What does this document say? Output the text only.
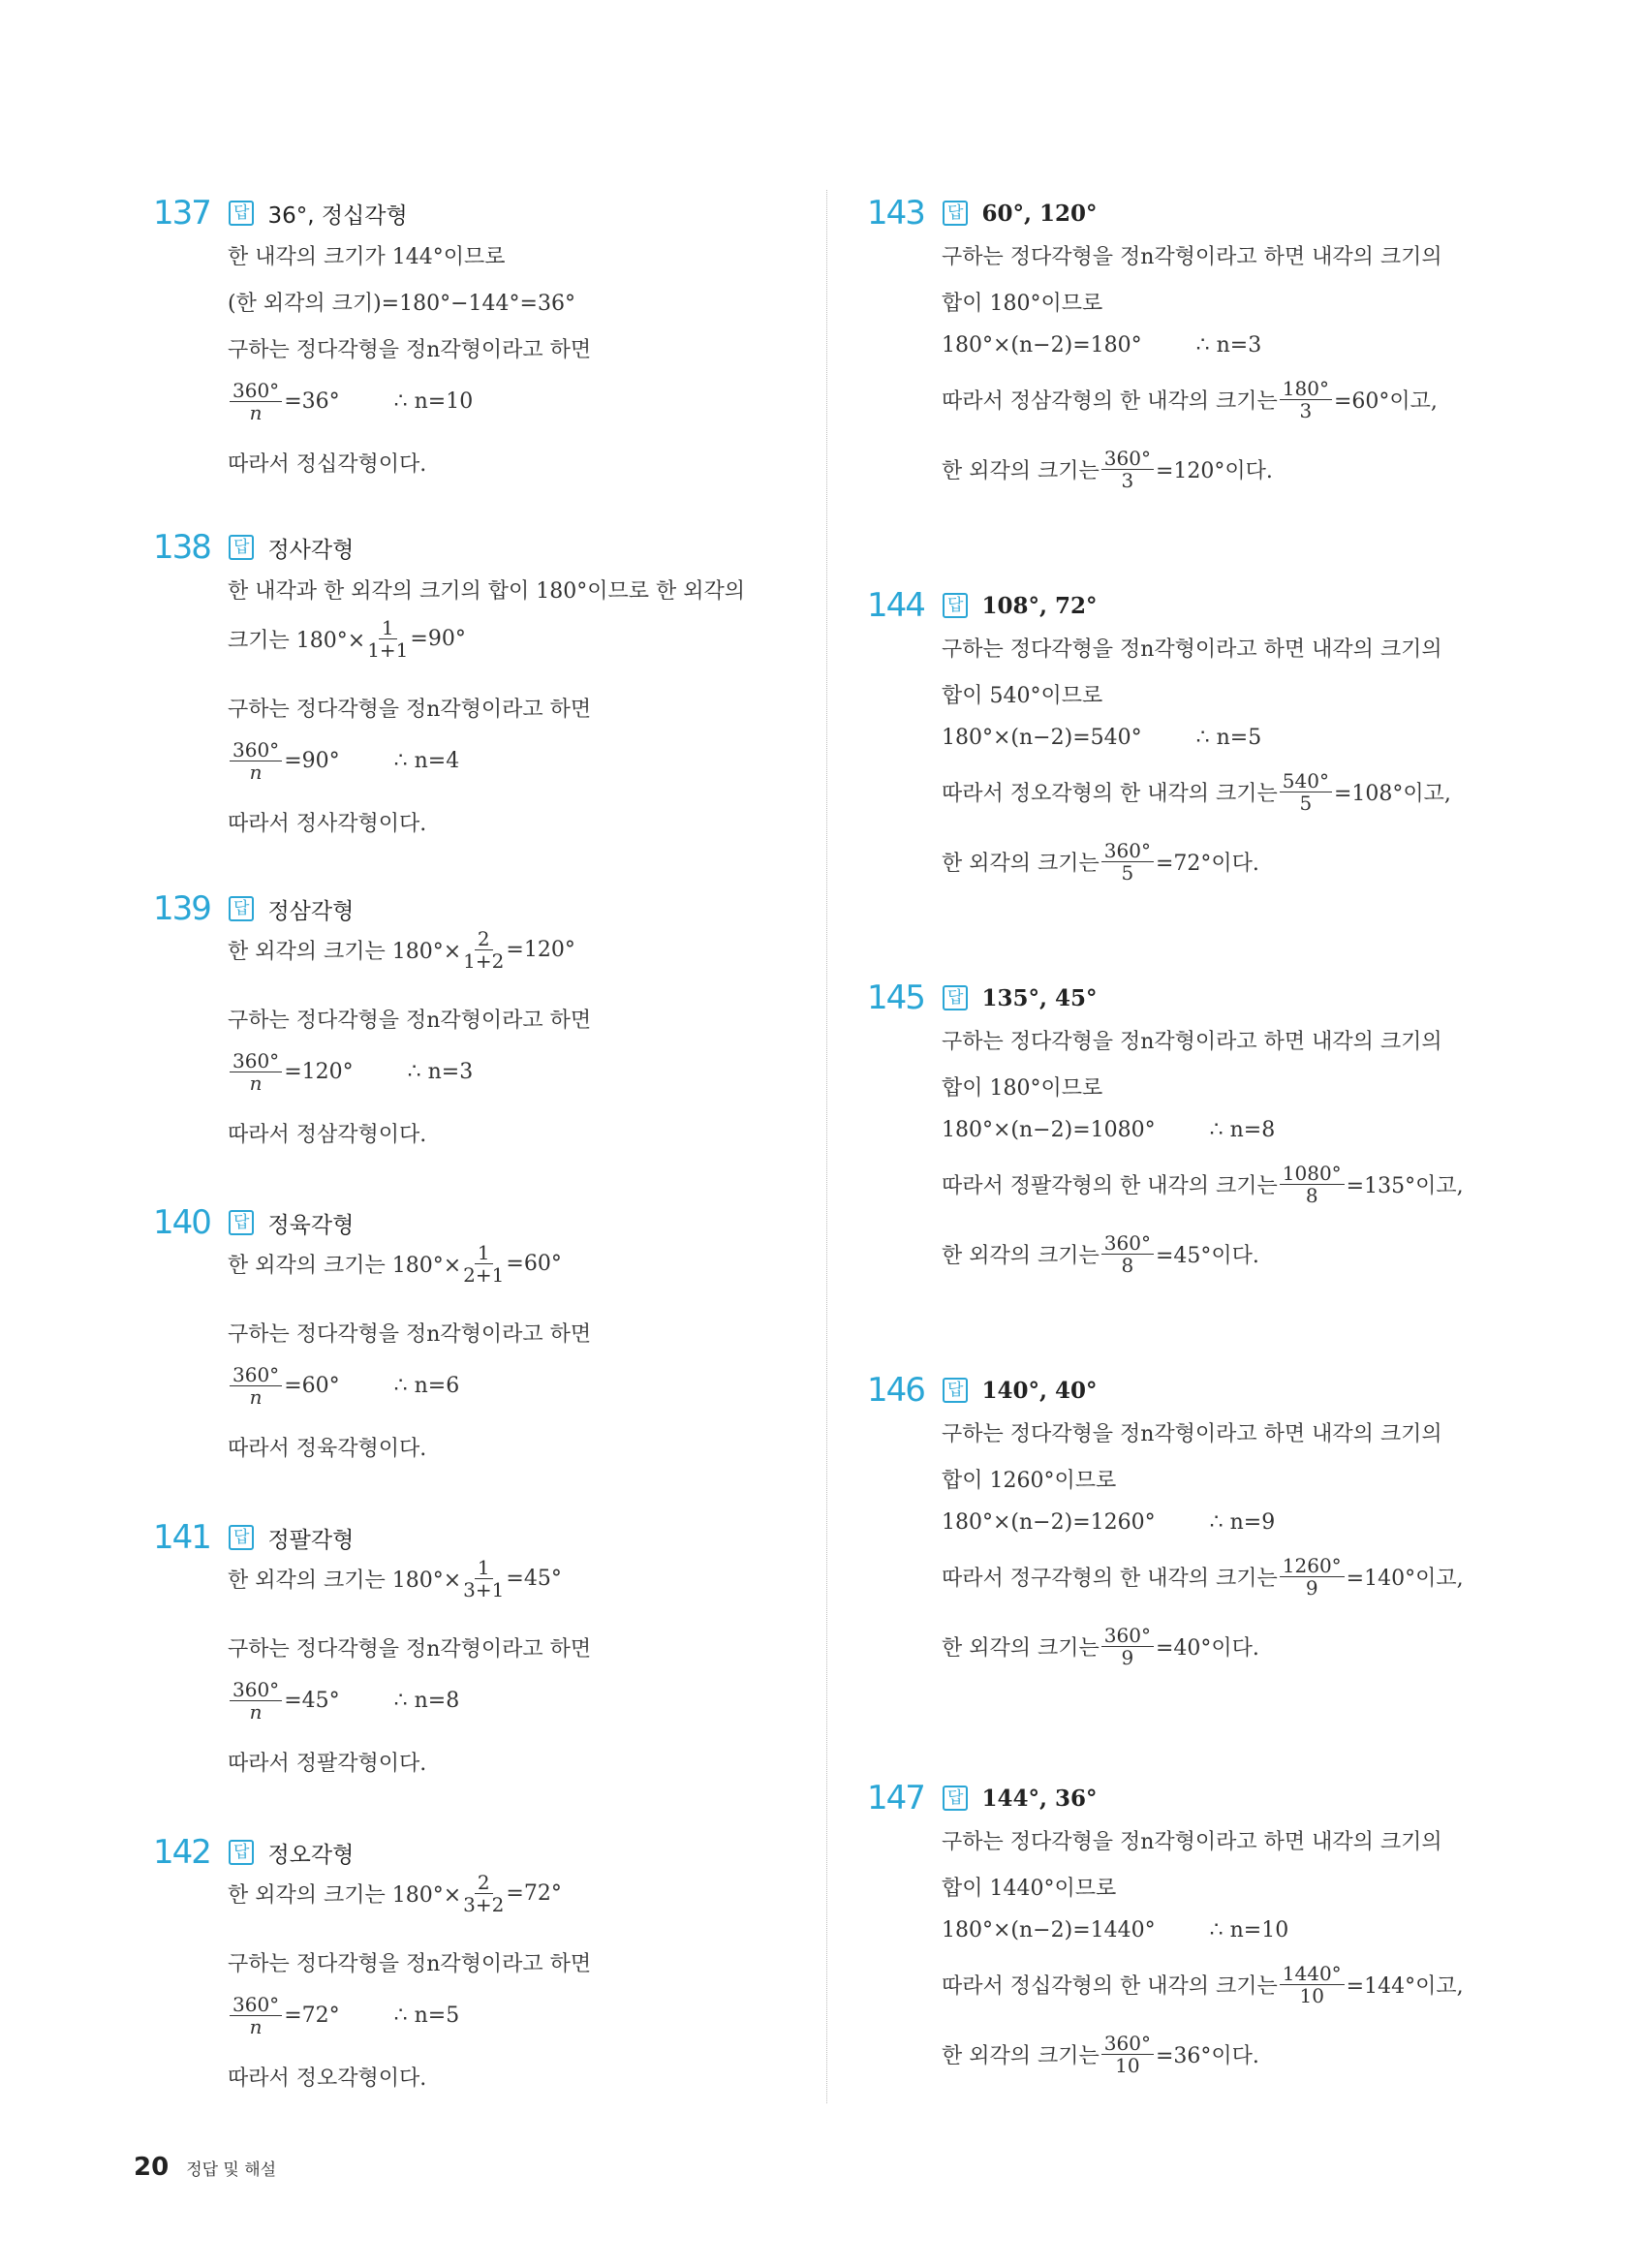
137	답 36°, 정십각형
한 내각의 크기가 144°이므로
(한 외각의 크기)=180°−144°=36°
구하는 정다각형을 정n각형이라고 하면
$\frac{360^\circ}{n} =36^\circ$	∴ n=10
따라서 정십각형이다.
138	답 정사각형
한 내각과 한 외각의 크기의 합이 180°이므로 한 외각의
크기는 $180^\circ\times \frac{1}{1+1} =90^\circ$
구하는 정다각형을 정n각형이라고 하면
$\frac{360^\circ}{n} =90^\circ$	∴ n=4
따라서 정사각형이다.
139	답 정삼각형
한 외각의 크기는 $180^\circ\times \frac{2}{1+2} =120^\circ$
구하는 정다각형을 정n각형이라고 하면
$\frac{360^\circ}{n} =120^\circ$	∴ n=3
따라서 정삼각형이다.
140	답 정육각형
한 외각의 크기는 $180^\circ\times \frac{1}{2+1} =60^\circ$
구하는 정다각형을 정n각형이라고 하면
$\frac{360^\circ}{n} =60^\circ$	∴ n=6
따라서 정육각형이다.
141	답 정팔각형
한 외각의 크기는 $180^\circ\times \frac{1}{3+1} =45^\circ$
구하는 정다각형을 정n각형이라고 하면
$\frac{360^\circ}{n} =45^\circ$	∴ n=8
따라서 정팔각형이다.
142	답 정오각형
한 외각의 크기는 $180^\circ\times \frac{2}{3+2} =72^\circ$
구하는 정다각형을 정n각형이라고 하면
$\frac{360^\circ}{n} =72^\circ$	∴ n=5
따라서 정오각형이다.
143	답 60°, 120°
구하는 정다각형을 정n각형이라고 하면 내각의 크기의
합이 180°이므로
180°×(n−2)=180°	∴ n=3
따라서 정삼각형의 한 내각의 크기는 $\frac{180^\circ}{3} =60^\circ$이고,
한 외각의 크기는 $\frac{360^\circ}{3} =120^\circ$이다.
144	답 108°, 72°
구하는 정다각형을 정n각형이라고 하면 내각의 크기의
합이 540°이므로
180°×(n−2)=540°	∴ n=5
따라서 정오각형의 한 내각의 크기는 $\frac{540^\circ}{5} =108^\circ$이고,
한 외각의 크기는 $\frac{360^\circ}{5} =72^\circ$이다.
145	답 135°, 45°
구하는 정다각형을 정n각형이라고 하면 내각의 크기의
합이 180°이므로
180°×(n−2)=1080°	∴ n=8
따라서 정팔각형의 한 내각의 크기는 $\frac{1080^\circ}{8} =135^\circ$이고,
한 외각의 크기는 $\frac{360^\circ}{8} =45^\circ$이다.
146	답 140°, 40°
구하는 정다각형을 정n각형이라고 하면 내각의 크기의
합이 1260°이므로
180°×(n−2)=1260°	∴ n=9
따라서 정구각형의 한 내각의 크기는 $\frac{1260^\circ}{9} =140^\circ$이고,
한 외각의 크기는 $\frac{360^\circ}{9} =40^\circ$이다.
147	답 144°, 36°
구하는 정다각형을 정n각형이라고 하면 내각의 크기의
합이 1440°이므로
180°×(n−2)=1440°	∴ n=10
따라서 정십각형의 한 내각의 크기는 $\frac{1440^\circ}{10} =144^\circ$이고,
한 외각의 크기는 $\frac{360^\circ}{10} =36^\circ$이다.
20 정답 및 해설
